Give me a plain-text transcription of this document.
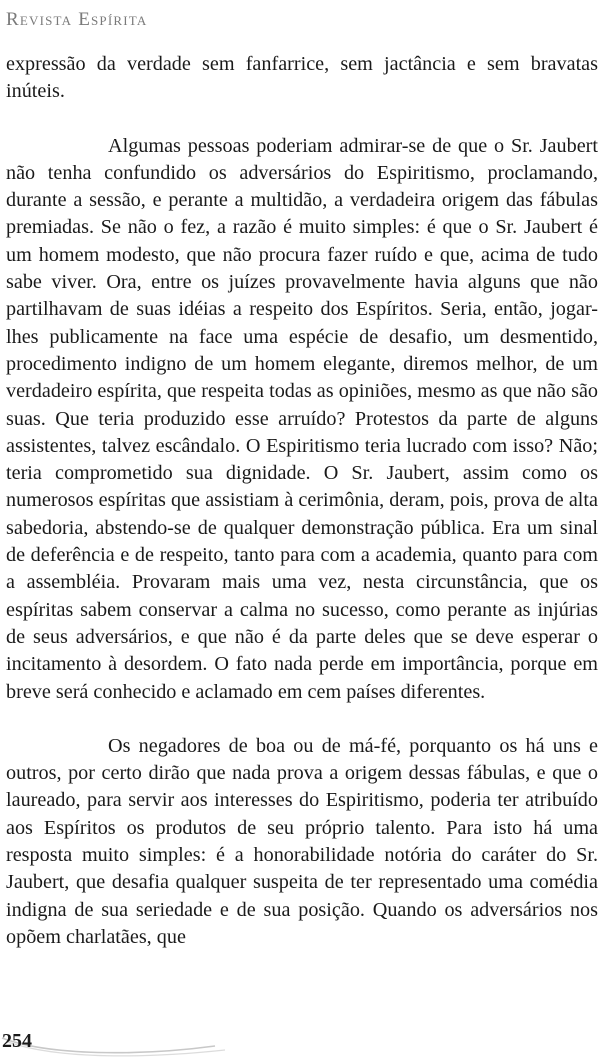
Revista Espírita

expressão da verdade sem fanfarrice, sem jactância e sem bravatas inúteis.

Algumas pessoas poderiam admirar-se de que o Sr. Jaubert não tenha confundido os adversários do Espiritismo, proclamando, durante a sessão, e perante a multidão, a verdadeira origem das fábulas premiadas. Se não o fez, a razão é muito simples: é que o Sr. Jaubert é um homem modesto, que não procura fazer ruído e que, acima de tudo sabe viver. Ora, entre os juízes provavelmente havia alguns que não partilhavam de suas idéias a respeito dos Espíritos. Seria, então, jogar-lhes publicamente na face uma espécie de desafio, um desmentido, procedimento indigno de um homem elegante, diremos melhor, de um verdadeiro espírita, que respeita todas as opiniões, mesmo as que não são suas. Que teria produzido esse arruído? Protestos da parte de alguns assistentes, talvez escândalo. O Espiritismo teria lucrado com isso? Não; teria comprometido sua dignidade. O Sr. Jaubert, assim como os numerosos espíritas que assistiam à cerimônia, deram, pois, prova de alta sabedoria, abstendo-se de qualquer demonstração pública. Era um sinal de deferência e de respeito, tanto para com a academia, quanto para com a assembléia. Provaram mais uma vez, nesta circunstância, que os espíritas sabem conservar a calma no sucesso, como perante as injúrias de seus adversários, e que não é da parte deles que se deve esperar o incitamento à desordem. O fato nada perde em importância, porque em breve será conhecido e aclamado em cem países diferentes.

Os negadores de boa ou de má-fé, porquanto os há uns e outros, por certo dirão que nada prova a origem dessas fábulas, e que o laureado, para servir aos interesses do Espiritismo, poderia ter atribuído aos Espíritos os produtos de seu próprio talento. Para isto há uma resposta muito simples: é a honorabilidade notória do caráter do Sr. Jaubert, que desafia qualquer suspeita de ter representado uma comédia indigna de sua seriedade e de sua posição. Quando os adversários nos opõem charlatães, que

254
